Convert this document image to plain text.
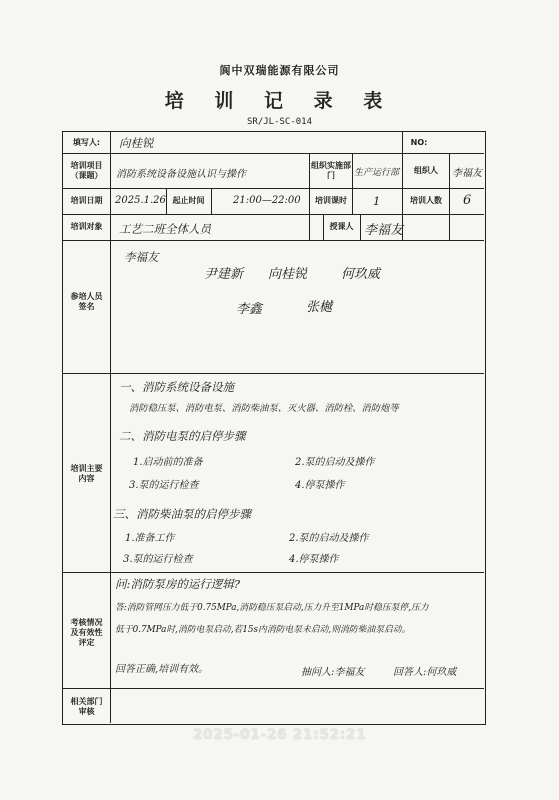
阆中双瑞能源有限公司
培 训 记 录 表
SR/JL-SC-014
填写人:	向桂锐	NO:
培训项目（课题）	消防系统设备设施认识与操作
组织实施部门	生产运行部	组织人	李福友
培训日期	2025.1.26 起止时间	21:00—22:00	培训课时	1	培训人数	6
培训对象	工艺二班全体人员	授课人 李福友
参培人员签名
李福友
尹建新 向桂锐	何玖威
李鑫	张樾
培训主要内容
一、消防系统设备设施
消防稳压泵、消防电泵、消防柴油泵、灭火器、消防栓、消防炮等
二、消防电泵的启停步骤
1.启动前的准备	2.泵的启动及操作
3.泵的运行检查	4.停泵操作
三、消防柴油泵的启停步骤
1.准备工作	2.泵的启动及操作
3.泵的运行检查	4.停泵操作
考核情况及有效性评定
问:消防泵房的运行逻辑?
答:消防管网压力低于0.75MPa,消防稳压泵启动,压力升至1MPa时稳压泵停,压力
低于0.7MPa时,消防电泵启动,若15s内消防电泵未启动,则消防柴油泵启动。
回答正确,培训有效。	抽问人:李福友	回答人:何玖威
相关部门审核
2025-01-26 21:52:21
